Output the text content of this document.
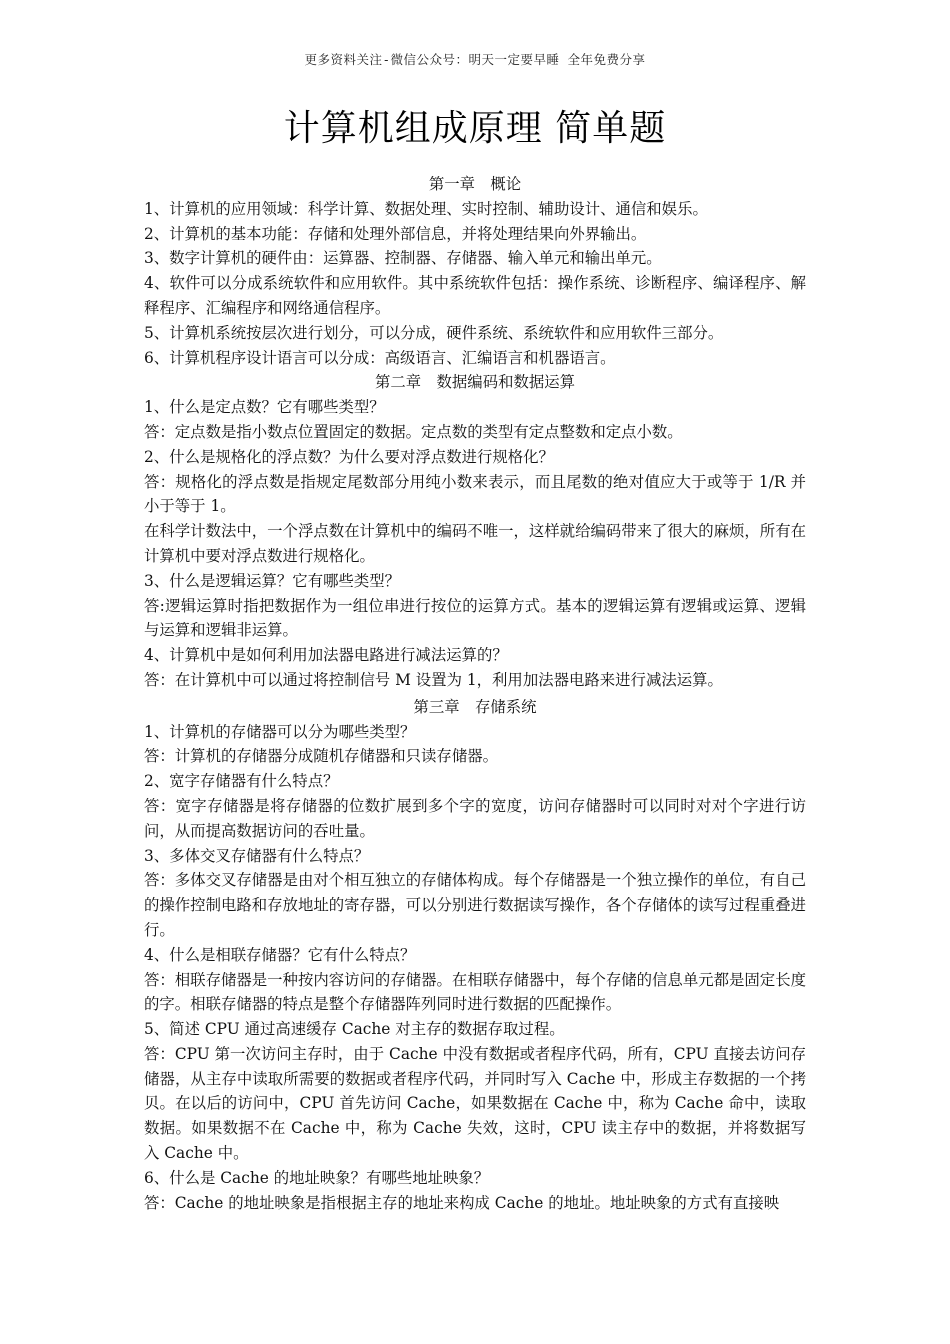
更多资料关注-微信公众号：明天一定要早睡 全年免费分享
计算机组成原理 简单题

第一章　概论

1、计算机的应用领域：科学计算、数据处理、实时控制、辅助设计、通信和娱乐。

2、计算机的基本功能：存储和处理外部信息，并将处理结果向外界输出。

3、数字计算机的硬件由：运算器、控制器、存储器、输入单元和输出单元。

4、软件可以分成系统软件和应用软件。其中系统软件包括：操作系统、诊断程序、编译程序、解释程序、汇编程序和网络通信程序。

5、计算机系统按层次进行划分，可以分成，硬件系统、系统软件和应用软件三部分。

6、计算机程序设计语言可以分成：高级语言、汇编语言和机器语言。

第二章　数据编码和数据运算

1、什么是定点数？它有哪些类型？

答：定点数是指小数点位置固定的数据。定点数的类型有定点整数和定点小数。

2、什么是规格化的浮点数？为什么要对浮点数进行规格化？

答：规格化的浮点数是指规定尾数部分用纯小数来表示，而且尾数的绝对值应大于或等于 1/R 并小于等于 1。

在科学计数法中，一个浮点数在计算机中的编码不唯一，这样就给编码带来了很大的麻烦，所有在计算机中要对浮点数进行规格化。

3、什么是逻辑运算？它有哪些类型？

答:逻辑运算时指把数据作为一组位串进行按位的运算方式。基本的逻辑运算有逻辑或运算、逻辑与运算和逻辑非运算。

4、计算机中是如何利用加法器电路进行减法运算的？

答：在计算机中可以通过将控制信号 M 设置为 1，利用加法器电路来进行减法运算。

第三章　存储系统

1、计算机的存储器可以分为哪些类型？

答：计算机的存储器分成随机存储器和只读存储器。

2、宽字存储器有什么特点？

答：宽字存储器是将存储器的位数扩展到多个字的宽度，访问存储器时可以同时对对个字进行访问，从而提高数据访问的吞吐量。

3、多体交叉存储器有什么特点？

答：多体交叉存储器是由对个相互独立的存储体构成。每个存储器是一个独立操作的单位，有自己的操作控制电路和存放地址的寄存器，可以分别进行数据读写操作，各个存储体的读写过程重叠进行。

4、什么是相联存储器？它有什么特点？

答：相联存储器是一种按内容访问的存储器。在相联存储器中，每个存储的信息单元都是固定长度的字。相联存储器的特点是整个存储器阵列同时进行数据的匹配操作。

5、简述 CPU 通过高速缓存 Cache 对主存的数据存取过程。

答：CPU 第一次访问主存时，由于 Cache 中没有数据或者程序代码，所有，CPU 直接去访问存储器，从主存中读取所需要的数据或者程序代码，并同时写入 Cache 中，形成主存数据的一个拷贝。在以后的访问中，CPU 首先访问 Cache，如果数据在 Cache 中，称为 Cache 命中，读取数据。如果数据不在 Cache 中，称为 Cache 失效，这时，CPU 读主存中的数据，并将数据写入 Cache 中。

6、什么是 Cache 的地址映象？有哪些地址映象？

答：Cache 的地址映象是指根据主存的地址来构成 Cache 的地址。地址映象的方式有直接映
